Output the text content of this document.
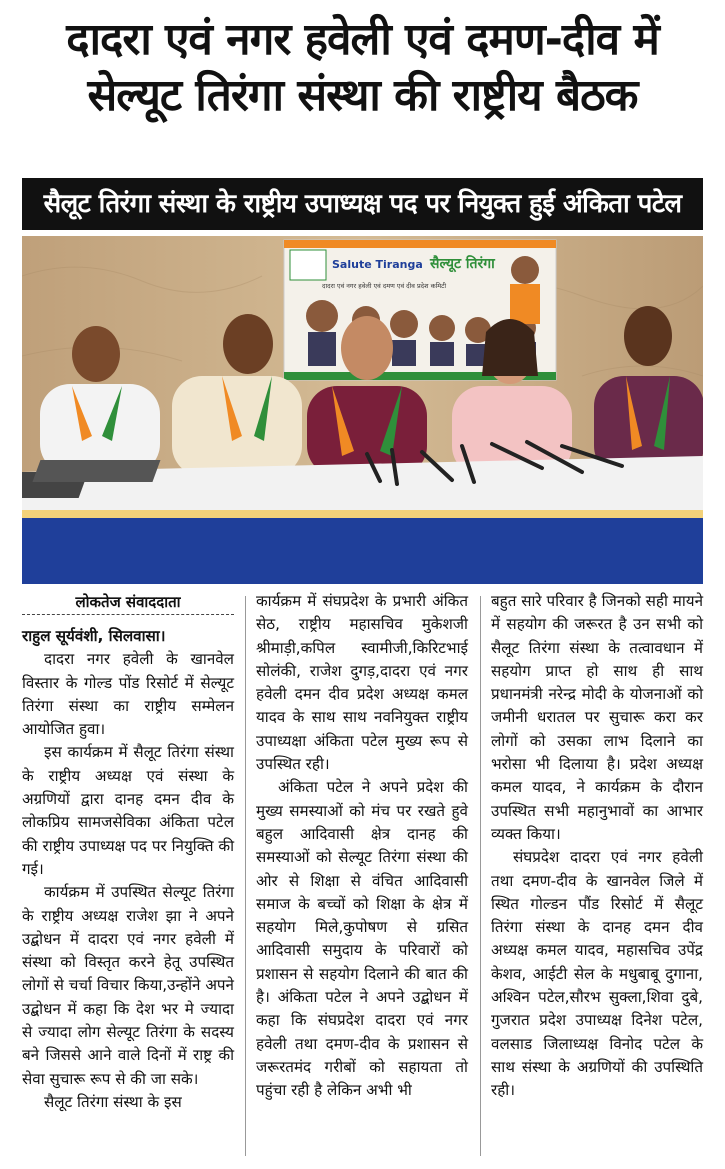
दादरा एवं नगर हवेली एवं दमण-दीव में
सेल्यूट तिरंगा संस्था की राष्ट्रीय बैठक
सैलूट तिरंगा संस्था के राष्ट्रीय उपाध्यक्ष पद पर नियुक्त हुई अंकिता पटेल
Salute Tiranga सैल्यूट तिरंगा
दादरा एवं नगर हवेली एवं दमण एवं दीव प्रदेश कमिटी
लोकतेज संवाददाता

राहुल सूर्यवंशी, सिलवासा।

दादरा नगर हवेली के खानवेल विस्तार के गोल्ड पोंड रिसोर्ट में सेल्यूट तिरंगा संस्था का राष्ट्रीय सम्मेलन आयोजित हुवा।

इस कार्यक्रम में सैलूट तिरंगा संस्था के राष्ट्रीय अध्यक्ष एवं संस्था के अग्रणियों द्वारा दानह दमन दीव के लोकप्रिय सामजसेविका अंकिता पटेल की राष्ट्रीय उपाध्यक्ष पद पर नियुक्ति की गई।

कार्यक्रम में उपस्थित सेल्यूट तिरंगा के राष्ट्रीय अध्यक्ष राजेश झा ने अपने उद्बोधन में दादरा एवं नगर हवेली में संस्था को विस्तृत करने हेतू उपस्थित लोगों से चर्चा विचार किया,उन्होंने अपने उद्बोधन में कहा कि देश भर मे ज्यादा से ज्यादा लोग सेल्यूट तिरंगा के सदस्य बने जिससे आने वाले दिनों में राष्ट्र की सेवा सुचारू रूप से की जा सके।

सैलूट तिरंगा संस्था के इस

कार्यक्रम में संघप्रदेश के प्रभारी अंकित सेठ, राष्ट्रीय महासचिव मुकेशजी श्रीमाड़ी,कपिल स्वामीजी,किरिटभाई सोलंकी, राजेश दुगड़,दादरा एवं नगर हवेली दमन दीव प्रदेश अध्यक्ष कमल यादव के साथ साथ नवनियुक्त राष्ट्रीय उपाध्यक्षा अंकिता पटेल मुख्य रूप से उपस्थित रही।

अंकिता पटेल ने अपने प्रदेश की मुख्य समस्याओं को मंच पर रखते हुवे बहुल आदिवासी क्षेत्र दानह की समस्याओं को सेल्यूट तिरंगा संस्था की ओर से शिक्षा से वंचित आदिवासी समाज के बच्चों को शिक्षा के क्षेत्र में सहयोग मिले,कुपोषण से ग्रसित आदिवासी समुदाय के परिवारों को प्रशासन से सहयोग दिलाने की बात की है। अंकिता पटेल ने अपने उद्बोधन में कहा कि संघप्रदेश दादरा एवं नगर हवेली तथा दमण-दीव के प्रशासन से जरूरतमंद गरीबों को सहायता तो पहुंचा रही है लेकिन अभी भी

बहुत सारे परिवार है जिनको सही मायने में सहयोग की जरूरत है उन सभी को सैलूट तिरंगा संस्था के तत्वावधान में सहयोग प्राप्त हो साथ ही साथ प्रधानमंत्री नरेन्द्र मोदी के योजनाओं को जमीनी धरातल पर सुचारू करा कर लोगों को उसका लाभ दिलाने का भरोसा भी दिलाया है। प्रदेश अध्यक्ष कमल यादव, ने कार्यक्रम के दौरान उपस्थित सभी महानुभावों का आभार व्यक्त किया।

संघप्रदेश दादरा एवं नगर हवेली तथा दमण-दीव के खानवेल जिले में स्थित गोल्डन पौंड रिसोर्ट में सैलूट तिरंगा संस्था के दानह दमन दीव अध्यक्ष कमल यादव, महासचिव उपेंद्र केशव, आईटी सेल के मधुबाबू दुगाना, अश्विन पटेल,सौरभ सुक्ला,शिवा दुबे, गुजरात प्रदेश उपाध्यक्ष दिनेश पटेल, वलसाड जिलाध्यक्ष विनोद पटेल के साथ संस्था के अग्रणियों की उपस्थिति रही।
